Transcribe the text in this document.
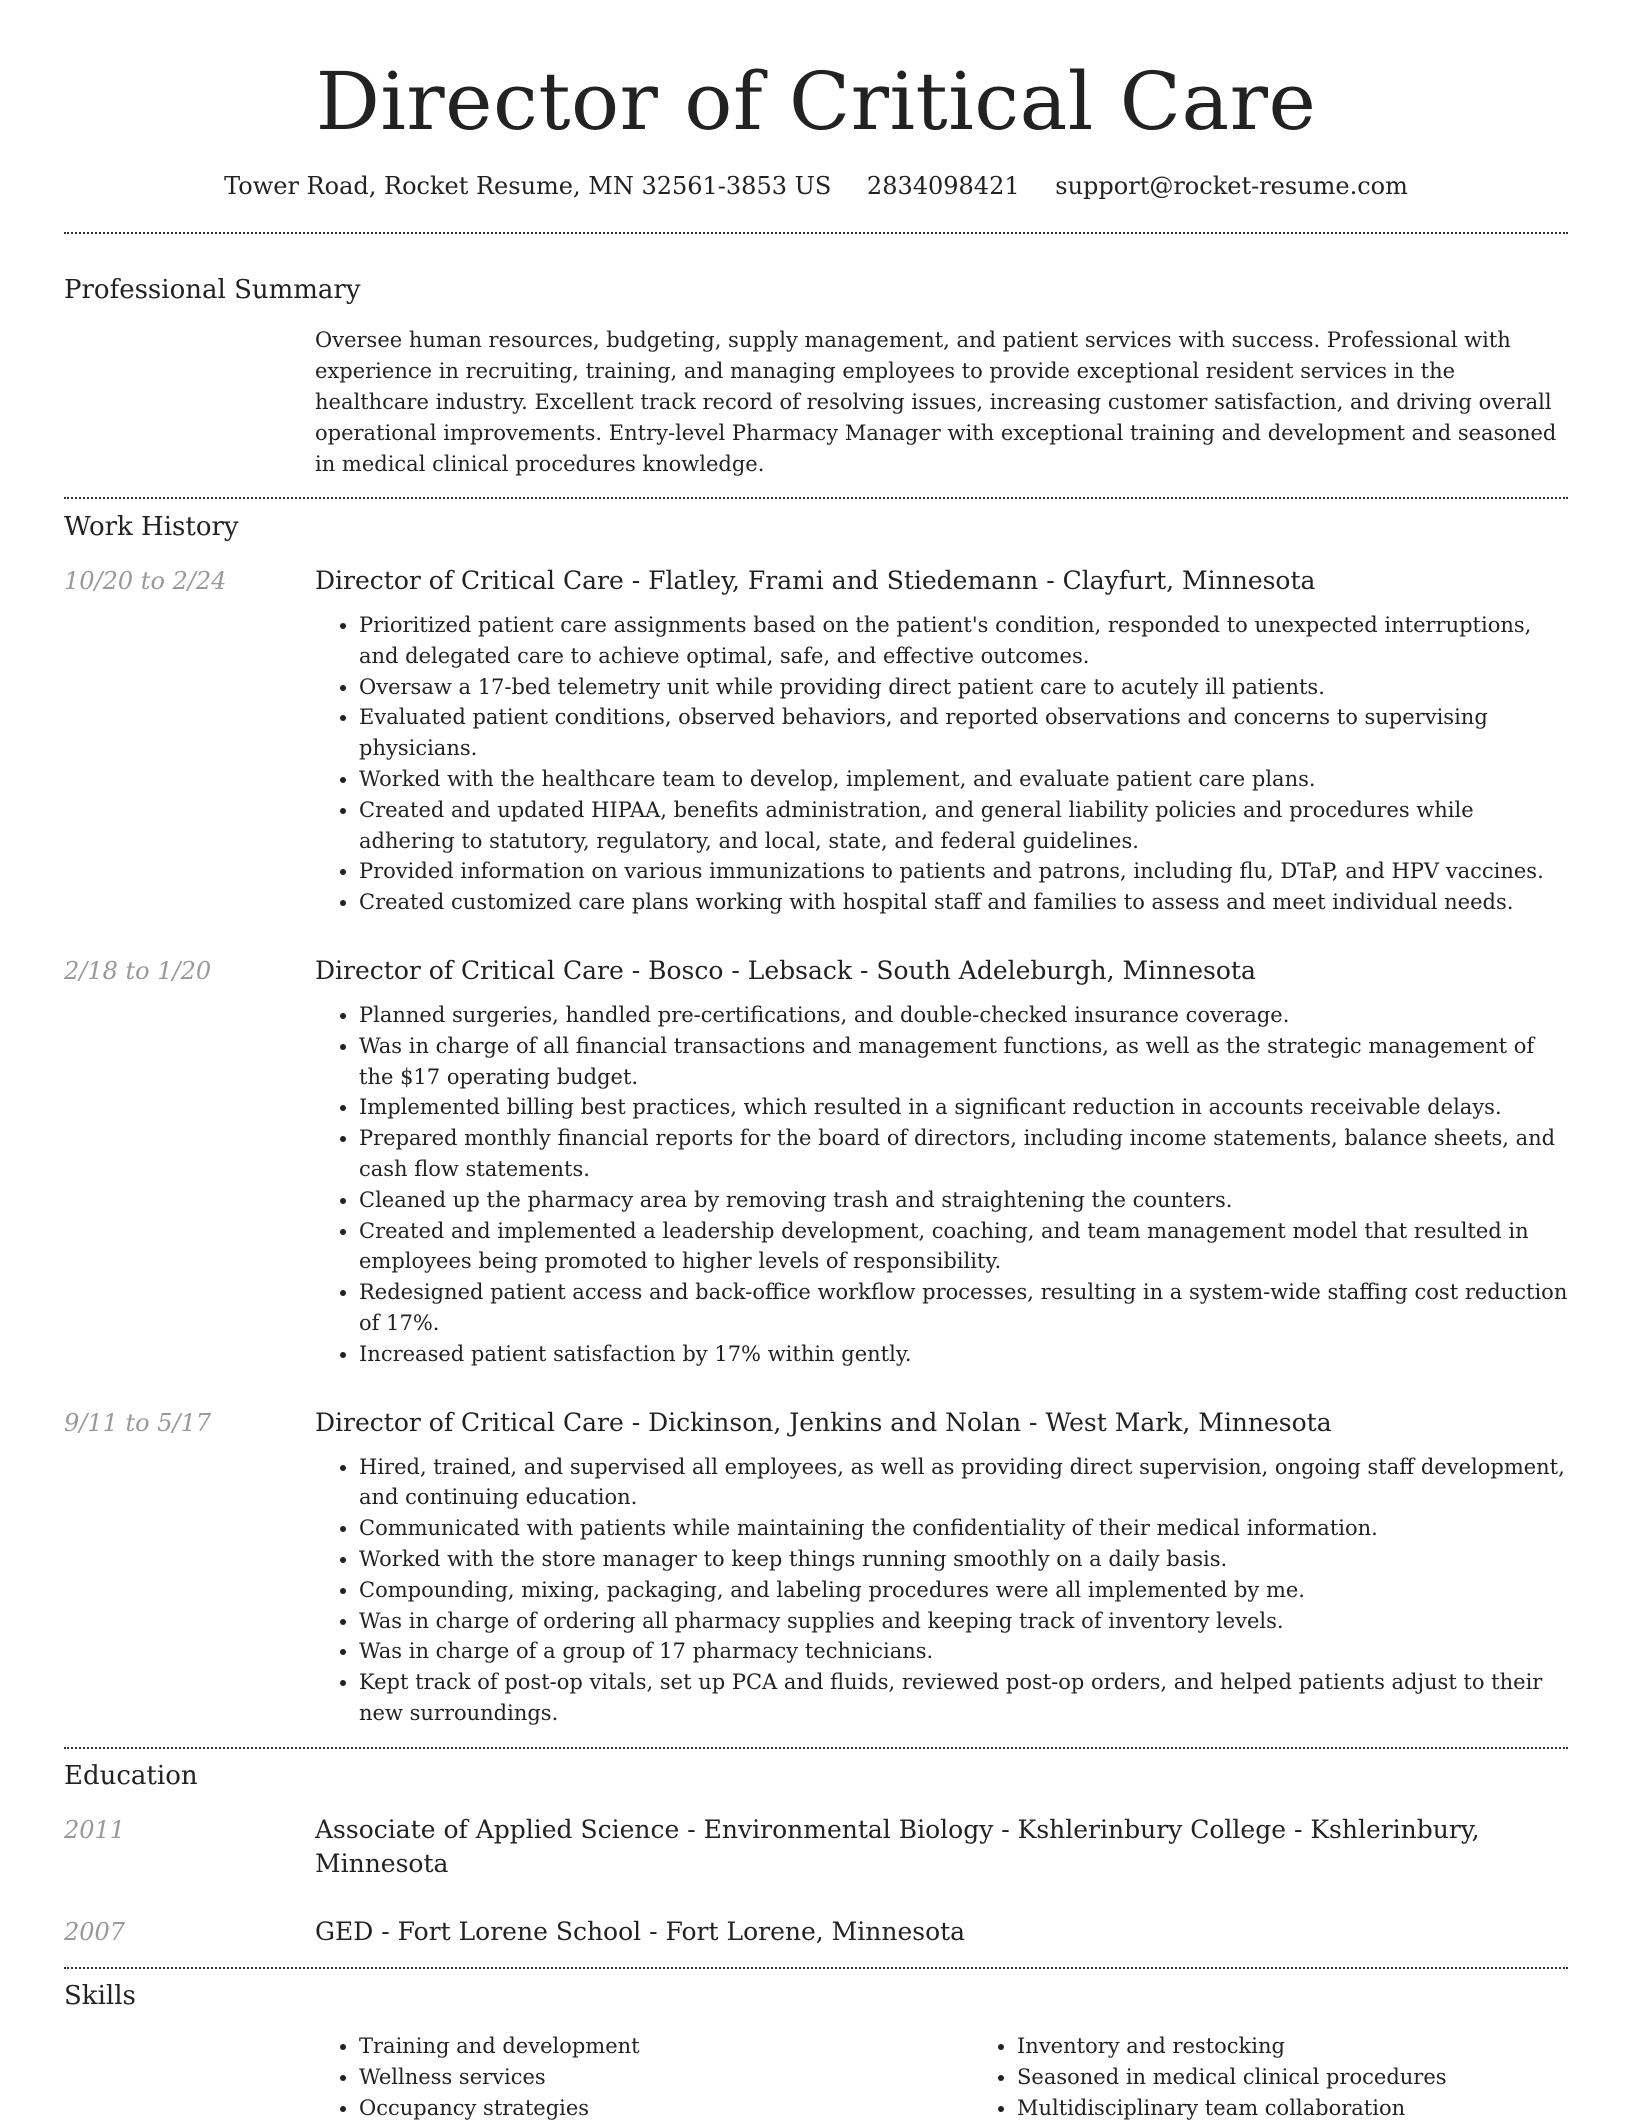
Director of Critical Care
Tower Road, Rocket Resume, MN 32561-3853 US 2834098421 support@rocket-resume.com
Professional Summary

Oversee human resources, budgeting, supply management, and patient services with success. Professional with experience in recruiting, training, and managing employees to provide exceptional resident services in the healthcare industry. Excellent track record of resolving issues, increasing customer satisfaction, and driving overall operational improvements. Entry-level Pharmacy Manager with exceptional training and development and seasoned in medical clinical procedures knowledge.

Work History
10/20 to 2/24	Director of Critical Care - Flatley, Frami and Stiedemann - Clayfurt, Minnesota

• Prioritized patient care assignments based on the patient's condition, responded to unexpected interruptions, and delegated care to achieve optimal, safe, and effective outcomes.
• Oversaw a 17-bed telemetry unit while providing direct patient care to acutely ill patients.
• Evaluated patient conditions, observed behaviors, and reported observations and concerns to supervising physicians.
• Worked with the healthcare team to develop, implement, and evaluate patient care plans.
• Created and updated HIPAA, benefits administration, and general liability policies and procedures while adhering to statutory, regulatory, and local, state, and federal guidelines.
• Provided information on various immunizations to patients and patrons, including flu, DTaP, and HPV vaccines.
• Created customized care plans working with hospital staff and families to assess and meet individual needs.
2/18 to 1/20	Director of Critical Care - Bosco - Lebsack - South Adeleburgh, Minnesota

• Planned surgeries, handled pre-certifications, and double-checked insurance coverage.
• Was in charge of all financial transactions and management functions, as well as the strategic management of the $17 operating budget.
• Implemented billing best practices, which resulted in a significant reduction in accounts receivable delays.
• Prepared monthly financial reports for the board of directors, including income statements, balance sheets, and cash flow statements.
• Cleaned up the pharmacy area by removing trash and straightening the counters.
• Created and implemented a leadership development, coaching, and team management model that resulted in employees being promoted to higher levels of responsibility.
• Redesigned patient access and back-office workflow processes, resulting in a system-wide staffing cost reduction of 17%.
• Increased patient satisfaction by 17% within gently.
9/11 to 5/17	Director of Critical Care - Dickinson, Jenkins and Nolan - West Mark, Minnesota

• Hired, trained, and supervised all employees, as well as providing direct supervision, ongoing staff development, and continuing education.
• Communicated with patients while maintaining the confidentiality of their medical information.
• Worked with the store manager to keep things running smoothly on a daily basis.
• Compounding, mixing, packaging, and labeling procedures were all implemented by me.
• Was in charge of ordering all pharmacy supplies and keeping track of inventory levels.
• Was in charge of a group of 17 pharmacy technicians.
• Kept track of post-op vitals, set up PCA and fluids, reviewed post-op orders, and helped patients adjust to their new surroundings.
Education
2011	Associate of Applied Science - Environmental Biology - Kshlerinbury College - Kshlerinbury, Minnesota

2007	GED - Fort Lorene School - Fort Lorene, Minnesota

Skills
• Training and development
• Wellness services
• Occupancy strategies
• Inventory and restocking
• Seasoned in medical clinical procedures
• Multidisciplinary team collaboration
